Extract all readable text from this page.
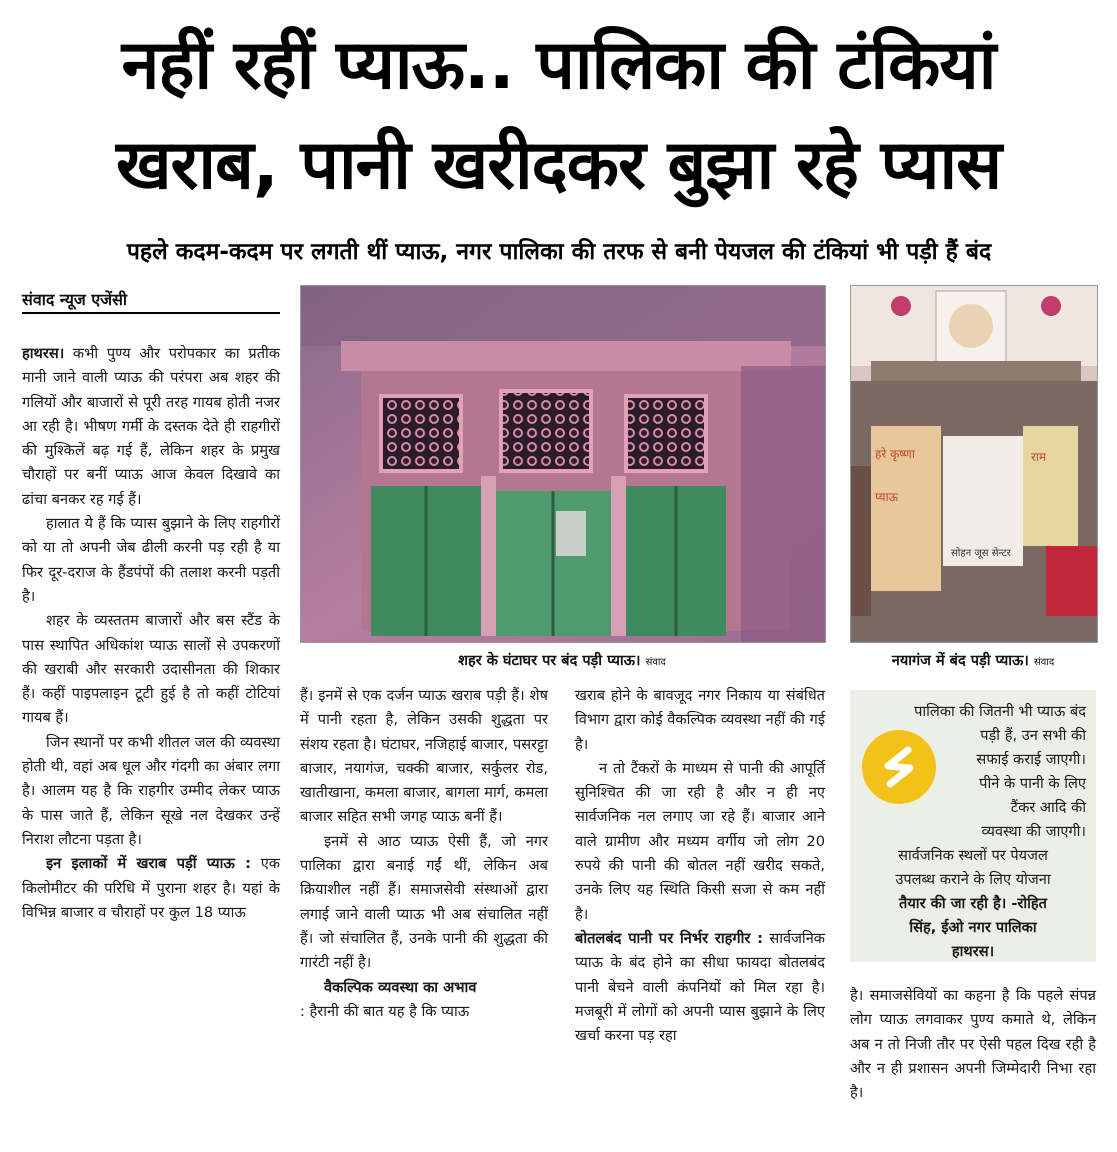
नहीं रहीं प्याऊ.. पालिका की टंकियां
खराब, पानी खरीदकर बुझा रहे प्यास
पहले कदम-कदम पर लगती थीं प्याऊ, नगर पालिका की तरफ से बनी पेयजल की टंकियां भी पड़ी हैं बंद
संवाद न्यूज एजेंसी

हाथरस। कभी पुण्य और परोपकार का प्रतीक मानी जाने वाली प्याऊ की परंपरा अब शहर की गलियों और बाजारों से पूरी तरह गायब होती नजर आ रही है। भीषण गर्मी के दस्तक देते ही राहगीरों की मुश्किलें बढ़ गई हैं, लेकिन शहर के प्रमुख चौराहों पर बनीं प्याऊ आज केवल दिखावे का ढांचा बनकर रह गई हैं।

हालात ये हैं कि प्यास बुझाने के लिए राहगीरों को या तो अपनी जेब ढीली करनी पड़ रही है या फिर दूर-दराज के हैंडपंपों की तलाश करनी पड़ती है।

शहर के व्यस्ततम बाजारों और बस स्टैंड के पास स्थापित अधिकांश प्याऊ सालों से उपकरणों की खराबी और सरकारी उदासीनता की शिकार हैं। कहीं पाइपलाइन टूटी हुई है तो कहीं टोटियां गायब हैं।

जिन स्थानों पर कभी शीतल जल की व्यवस्था होती थी, वहां अब धूल और गंदगी का अंबार लगा है। आलम यह है कि राहगीर उम्मीद लेकर प्याऊ के पास जाते हैं, लेकिन सूखे नल देखकर उन्हें निराश लौटना पड़ता है।

इन इलाकों में खराब पड़ीं प्याऊ : एक किलोमीटर की परिधि में पुराना शहर है। यहां के विभिन्न बाजार व चौराहों पर कुल 18 प्याऊ

शहर के घंटाघर पर बंद पड़ी प्याऊ। संवाद
हरे कृष्णा
प्याऊ
राम
सोहन जूस सेन्टर
नयागंज में बंद पड़ी प्याऊ। संवाद
पालिका की जितनी भी प्याऊ बंद
पड़ी हैं, उन सभी की
सफाई कराई जाएगी।
पीने के पानी के लिए
टैंकर आदि की
व्यवस्था की जाएगी।
सार्वजनिक स्थलों पर पेयजल
उपलब्ध कराने के लिए योजना
तैयार की जा रही है। -रोहित
सिंह, ईओ नगर पालिका
हाथरस।

हैं। इनमें से एक दर्जन प्याऊ खराब पड़ी हैं। शेष में पानी रहता है, लेकिन उसकी शुद्धता पर संशय रहता है। घंटाघर, नजिहाई बाजार, पसरट्टा बाजार, नयागंज, चक्की बाजार, सर्कुलर रोड, खातीखाना, कमला बाजार, बागला मार्ग, कमला बाजार सहित सभी जगह प्याऊ बनीं हैं।

इनमें से आठ प्याऊ ऐसी हैं, जो नगर पालिका द्वारा बनाई गईं थीं, लेकिन अब क्रियाशील नहीं हैं। समाजसेवी संस्थाओं द्वारा लगाई जाने वाली प्याऊ भी अब संचालित नहीं हैं। जो संचालित हैं, उनके पानी की शुद्धता की गारंटी नहीं है।

वैकल्पिक व्यवस्था का अभाव

: हैरानी की बात यह है कि प्याऊ

खराब होने के बावजूद नगर निकाय या संबंधित विभाग द्वारा कोई वैकल्पिक व्यवस्था नहीं की गई है।

न तो टैंकरों के माध्यम से पानी की आपूर्ति सुनिश्चित की जा रही है और न ही नए सार्वजनिक नल लगाए जा रहे हैं। बाजार आने वाले ग्रामीण और मध्यम वर्गीय जो लोग 20 रुपये की पानी की बोतल नहीं खरीद सकते, उनके लिए यह स्थिति किसी सजा से कम नहीं है।

बोतलबंद पानी पर निर्भर राहगीर : सार्वजनिक प्याऊ के बंद होने का सीधा फायदा बोतलबंद पानी बेचने वाली कंपनियों को मिल रहा है। मजबूरी में लोगों को अपनी प्यास बुझाने के लिए खर्चा करना पड़ रहा

है। समाजसेवियों का कहना है कि पहले संपन्न लोग प्याऊ लगवाकर पुण्य कमाते थे, लेकिन अब न तो निजी तौर पर ऐसी पहल दिख रही है और न ही प्रशासन अपनी जिम्मेदारी निभा रहा है।
